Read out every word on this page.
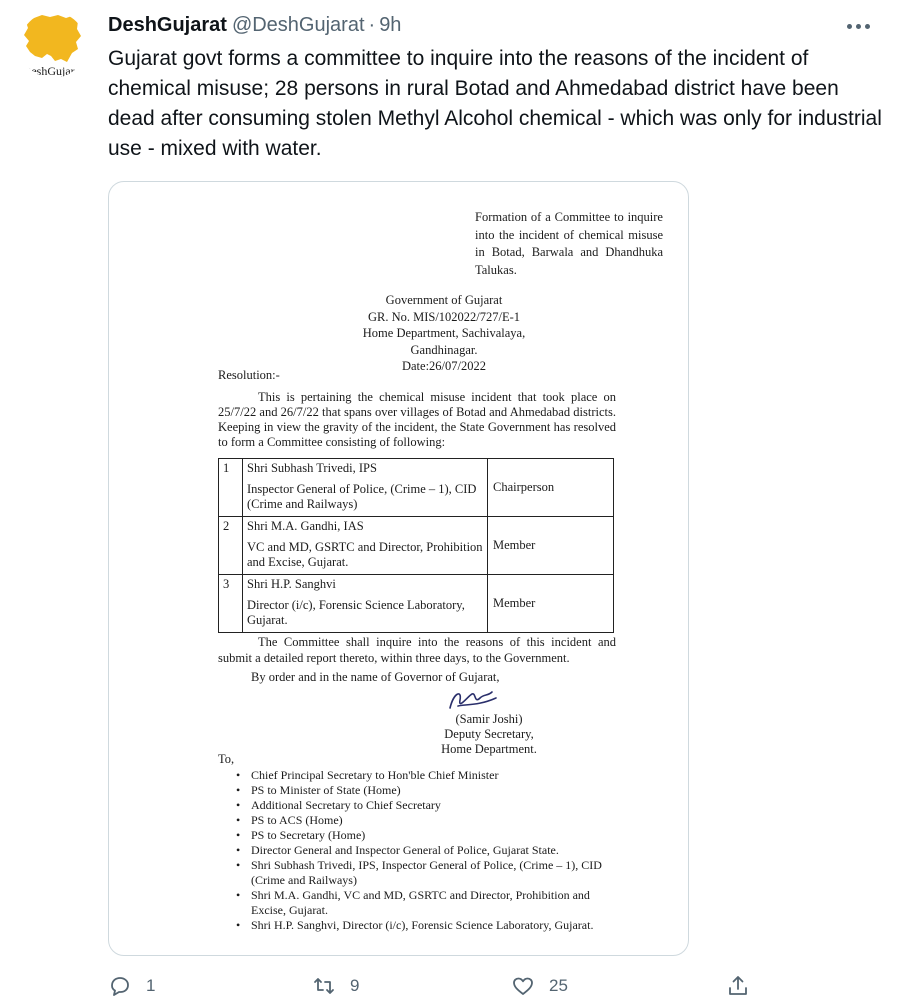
DeshGujarat
DeshGujarat @DeshGujarat · 9h
Gujarat govt forms a committee to inquire into the reasons of the incident of chemical misuse; 28 persons in rural Botad and Ahmedabad district have been dead after consuming stolen Methyl Alcohol chemical - which was only for industrial use - mixed with water.
Formation of a Committee to inquire into the incident of chemical misuse in Botad, Barwala and Dhandhuka Talukas.
Government of Gujarat
GR. No. MIS/102022/727/E-1
Home Department, Sachivalaya,
Gandhinagar.
Date:26/07/2022
Resolution:-

This is pertaining the chemical misuse incident that took place on 25/7/22 and 26/7/22 that spans over villages of Botad and Ahmedabad districts. Keeping in view the gravity of the incident, the State Government has resolved to form a Committee consisting of following:

1	Shri Subhash Trivedi, IPS
Inspector General of Police, (Crime – 1), CID (Crime and Railways)	Chairperson
2	Shri M.A. Gandhi, IAS
VC and MD, GSRTC and Director, Prohibition and Excise, Gujarat.	Member
3	Shri H.P. Sanghvi
Director (i/c), Forensic Science Laboratory, Gujarat.	Member

The Committee shall inquire into the reasons of this incident and submit a detailed report thereto, within three days, to the Government.

By order and in the name of Governor of Gujarat,
(Samir Joshi)
Deputy Secretary,
Home Department.
To,
• Chief Principal Secretary to Hon'ble Chief Minister
• PS to Minister of State (Home)
• Additional Secretary to Chief Secretary
• PS to ACS (Home)
• PS to Secretary (Home)
• Director General and Inspector General of Police, Gujarat State.
• Shri Subhash Trivedi, IPS, Inspector General of Police, (Crime – 1), CID (Crime and Railways)
• Shri M.A. Gandhi, VC and MD, GSRTC and Director, Prohibition and Excise, Gujarat.
• Shri H.P. Sanghvi, Director (i/c), Forensic Science Laboratory, Gujarat.
1	9	25
